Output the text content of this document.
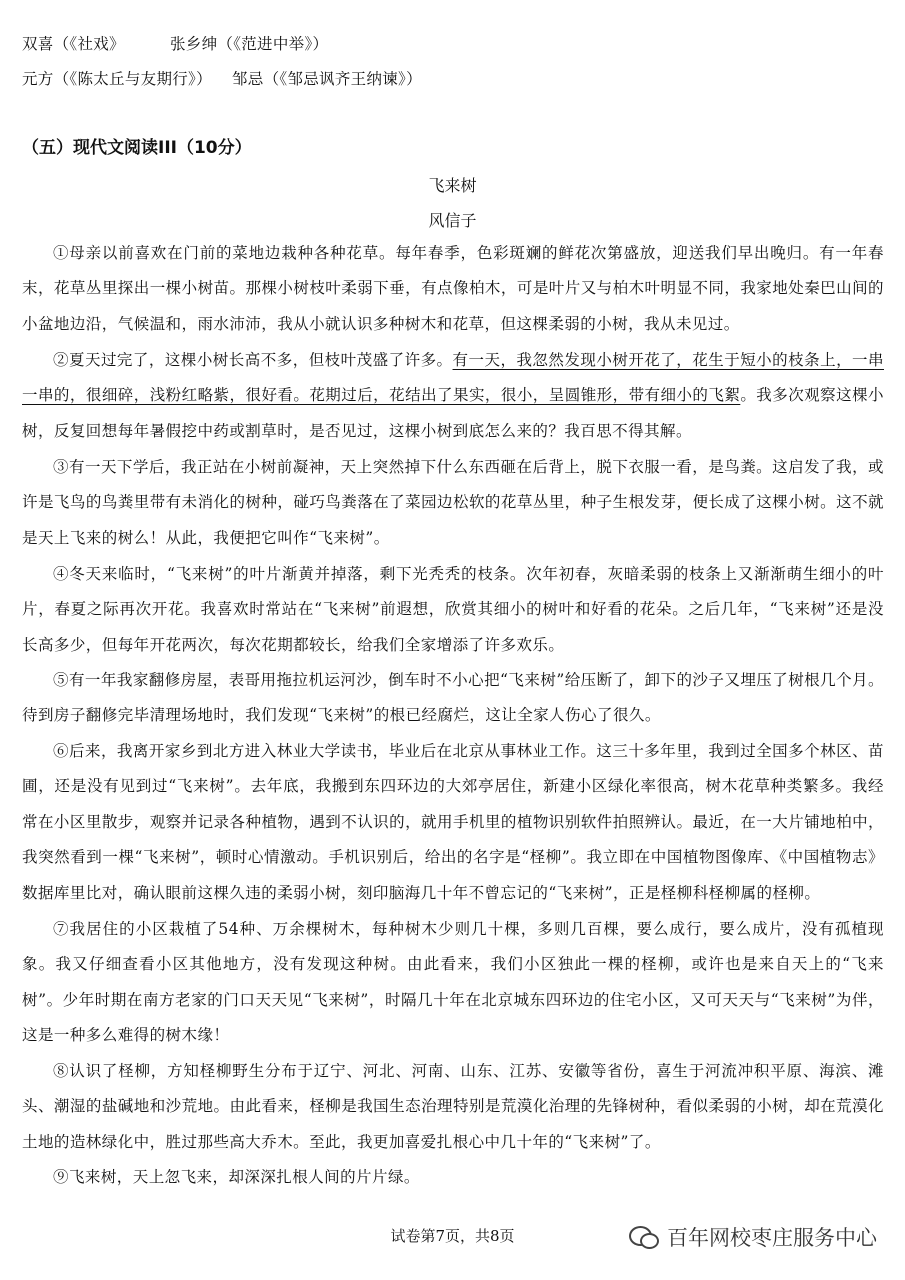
双喜（《社戏》	张乡绅（《范进中举》）
元方（《陈太丘与友期行》） 邹忌（《邹忌讽齐王纳谏》）
（五）现代文阅读III（10分）
飞来树
风信子
①母亲以前喜欢在门前的菜地边栽种各种花草。每年春季，色彩斑斓的鲜花次第盛放，迎送我们早出晚归。有一年春末，花草丛里探出一棵小树苗。那棵小树枝叶柔弱下垂，有点像柏木，可是叶片又与柏木叶明显不同，我家地处秦巴山间的小盆地边沿，气候温和，雨水沛沛，我从小就认识多种树木和花草，但这棵柔弱的小树，我从未见过。
②夏天过完了，这棵小树长高不多，但枝叶茂盛了许多。有一天，我忽然发现小树开花了，花生于短小的枝条上，一串一串的，很细碎，浅粉红略紫，很好看。花期过后，花结出了果实，很小，呈圆锥形，带有细小的飞絮。我多次观察这棵小树，反复回想每年暑假挖中药或割草时，是否见过，这棵小树到底怎么来的？我百思不得其解。
③有一天下学后，我正站在小树前凝神，天上突然掉下什么东西砸在后背上，脱下衣服一看，是鸟粪。这启发了我，或许是飞鸟的鸟粪里带有未消化的树种，碰巧鸟粪落在了菜园边松软的花草丛里，种子生根发芽，便长成了这棵小树。这不就是天上飞来的树么！从此，我便把它叫作“飞来树”。
④冬天来临时，“飞来树”的叶片渐黄并掉落，剩下光秃秃的枝条。次年初春，灰暗柔弱的枝条上又渐渐萌生细小的叶片，春夏之际再次开花。我喜欢时常站在“飞来树”前遐想，欣赏其细小的树叶和好看的花朵。之后几年，“飞来树”还是没长高多少，但每年开花两次，每次花期都较长，给我们全家增添了许多欢乐。
⑤有一年我家翻修房屋，表哥用拖拉机运河沙，倒车时不小心把“飞来树”给压断了，卸下的沙子又埋压了树根几个月。待到房子翻修完毕清理场地时，我们发现“飞来树”的根已经腐烂，这让全家人伤心了很久。
⑥后来，我离开家乡到北方进入林业大学读书，毕业后在北京从事林业工作。这三十多年里，我到过全国多个林区、苗圃，还是没有见到过“飞来树”。去年底，我搬到东四环边的大郊亭居住，新建小区绿化率很高，树木花草种类繁多。我经常在小区里散步，观察并记录各种植物，遇到不认识的，就用手机里的植物识别软件拍照辨认。最近，在一大片铺地柏中，我突然看到一棵“飞来树”，顿时心情激动。手机识别后，给出的名字是“柽柳”。我立即在中国植物图像库、《中国植物志》数据库里比对，确认眼前这棵久违的柔弱小树，刻印脑海几十年不曾忘记的“飞来树”，正是柽柳科柽柳属的柽柳。
⑦我居住的小区栽植了54种、万余棵树木，每种树木少则几十棵，多则几百棵，要么成行，要么成片，没有孤植现象。我又仔细查看小区其他地方，没有发现这种树。由此看来，我们小区独此一棵的柽柳，或许也是来自天上的“飞来树”。少年时期在南方老家的门口天天见“飞来树”，时隔几十年在北京城东四环边的住宅小区，又可天天与“飞来树”为伴，这是一种多么难得的树木缘！
⑧认识了柽柳，方知柽柳野生分布于辽宁、河北、河南、山东、江苏、安徽等省份，喜生于河流冲积平原、海滨、滩头、潮湿的盐碱地和沙荒地。由此看来，柽柳是我国生态治理特别是荒漠化治理的先锋树种，看似柔弱的小树，却在荒漠化土地的造林绿化中，胜过那些高大乔木。至此，我更加喜爱扎根心中几十年的“飞来树”了。
⑨飞来树，天上忽飞来，却深深扎根人间的片片绿。
试卷第7页，共8页	百年网校枣庄服务中心
